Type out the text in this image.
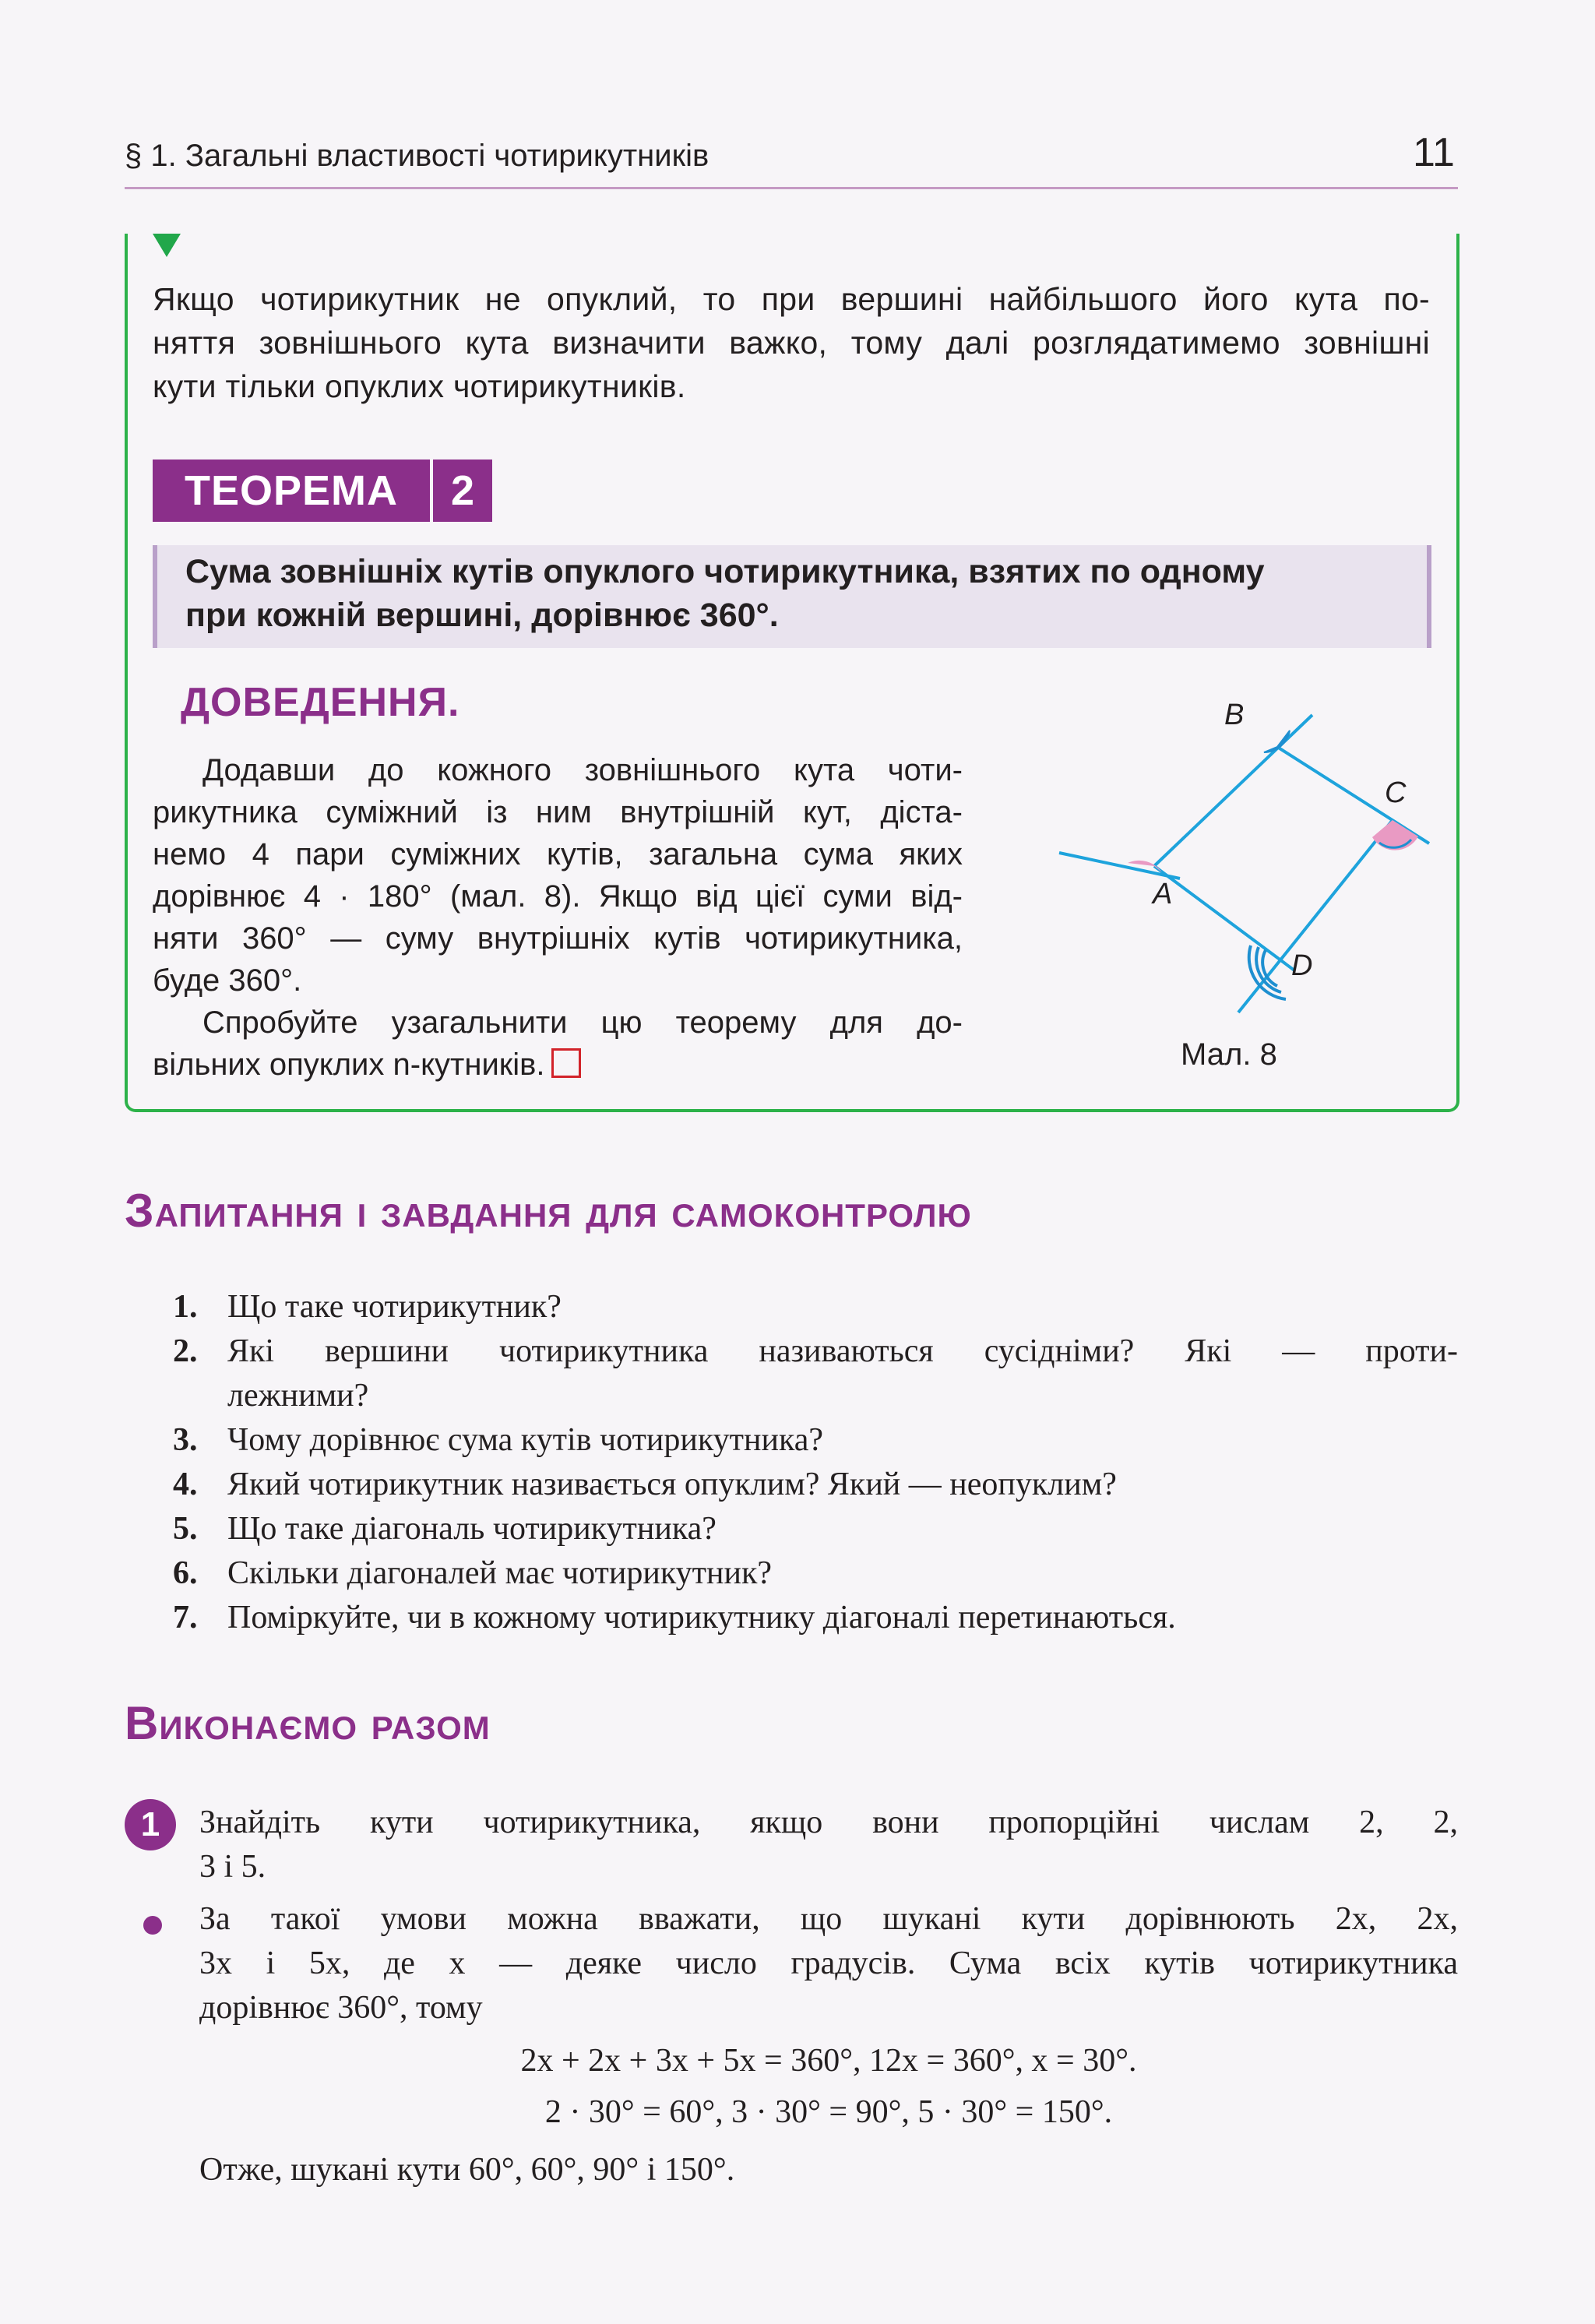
§ 1. Загальні властивості чотирикутників	11
Якщо чотирикутник не опуклий, то при вершині найбільшого його кута по-
няття зовнішнього кута визначити важко, тому далі розглядатимемо зовнішні
кути тільки опуклих чотирикутників.
ТЕОРЕМА	2
Сума зовнішніх кутів опуклого чотирикутника, взятих по одному
при кожній вершині, дорівнює 360°.
ДОВЕДЕННЯ.
Додавши до кожного зовнішнього кута чоти-
рикутника суміжний із ним внутрішній кут, діста-
немо 4 пари суміжних кутів, загальна сума яких
дорівнює 4 · 180° (мал. 8). Якщо від цієї суми від-
няти 360° — суму внутрішніх кутів чотирикутника,
буде 360°.
Спробуйте узагальнити цю теорему для до-
вільних опуклих n-кутників.
A
B
C
D
Мал. 8
Запитання і завдання для самоконтролю
1. Що таке чотирикутник?
2. Які вершини чотирикутника називаються сусідніми? Які — проти-
лежними?
3. Чому дорівнює сума кутів чотирикутника?
4. Який чотирикутник називається опуклим? Який — неопуклим?
5. Що таке діагональ чотирикутника?
6. Скільки діагоналей має чотирикутник?
7. Поміркуйте, чи в кожному чотирикутнику діагоналі перетинаються.
Виконаємо разом
1	Знайдіть кути чотирикутника, якщо вони пропорційні числам 2, 2,
3 і 5.
За такої умови можна вважати, що шукані кути дорівнюють 2x, 2x,
3x і 5x, де x — деяке число градусів. Сума всіх кутів чотирикутника
дорівнює 360°, тому
2x + 2x + 3x + 5x = 360°, 12x = 360°, x = 30°.
2 · 30° = 60°, 3 · 30° = 90°, 5 · 30° = 150°.
Отже, шукані кути 60°, 60°, 90° і 150°.
